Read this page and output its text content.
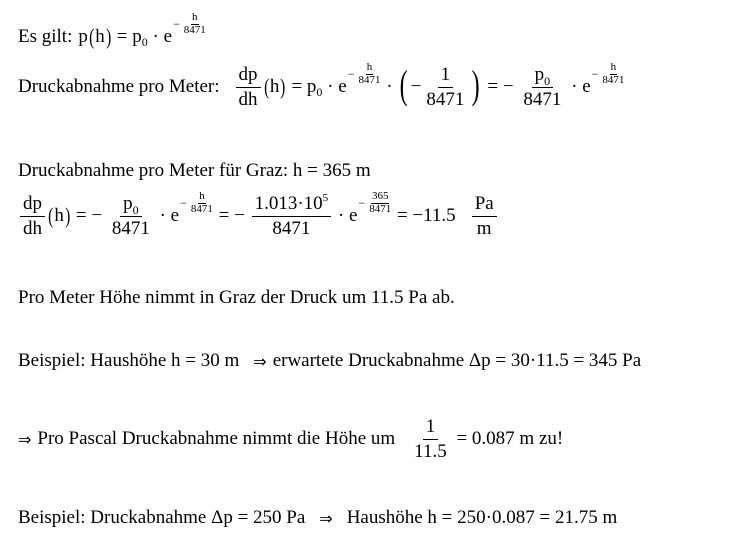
Es gilt: p ( h ) = p 0 · e
−
$\frac{h}{8471}$
Druckabnahme pro Meter: $\frac{dp}{dh}$ ( h ) = p 0 · e
− $\frac{h}{8471}$
· ( − $\frac{1}{8471}$ ) = − $\frac{p_0}{8471} \cdot e$
− $\frac{h}{8471}$
Druckabnahme pro Meter für Graz: h = 365 m
$\frac{dp}{dh}$ ( h ) = − $\frac{p_0}{8471} \cdot e$
− $\frac{h}{8471}$
= − $\frac{1.013\cdot 10^5}{8471} \cdot e$
− $\frac{365}{8471}$

= $-11.5 \frac{Pa}{m}$
Pro Meter Höhe nimmt in Graz der Druck um 11.5 Pa ab.
Beispiel: Haushöhe h = 30 m ⇒ erwartete Druckabnahme Δp = 30·11.5 = 345 Pa
⇒ Pro Pascal Druckabnahme nimmt die Höhe um $\frac{1}{11.5}$
= 0.087 m zu!
Beispiel: Druckabnahme Δp = 250 Pa ⇒ Haushöhe h = 250·0.087 = 21.75 m
